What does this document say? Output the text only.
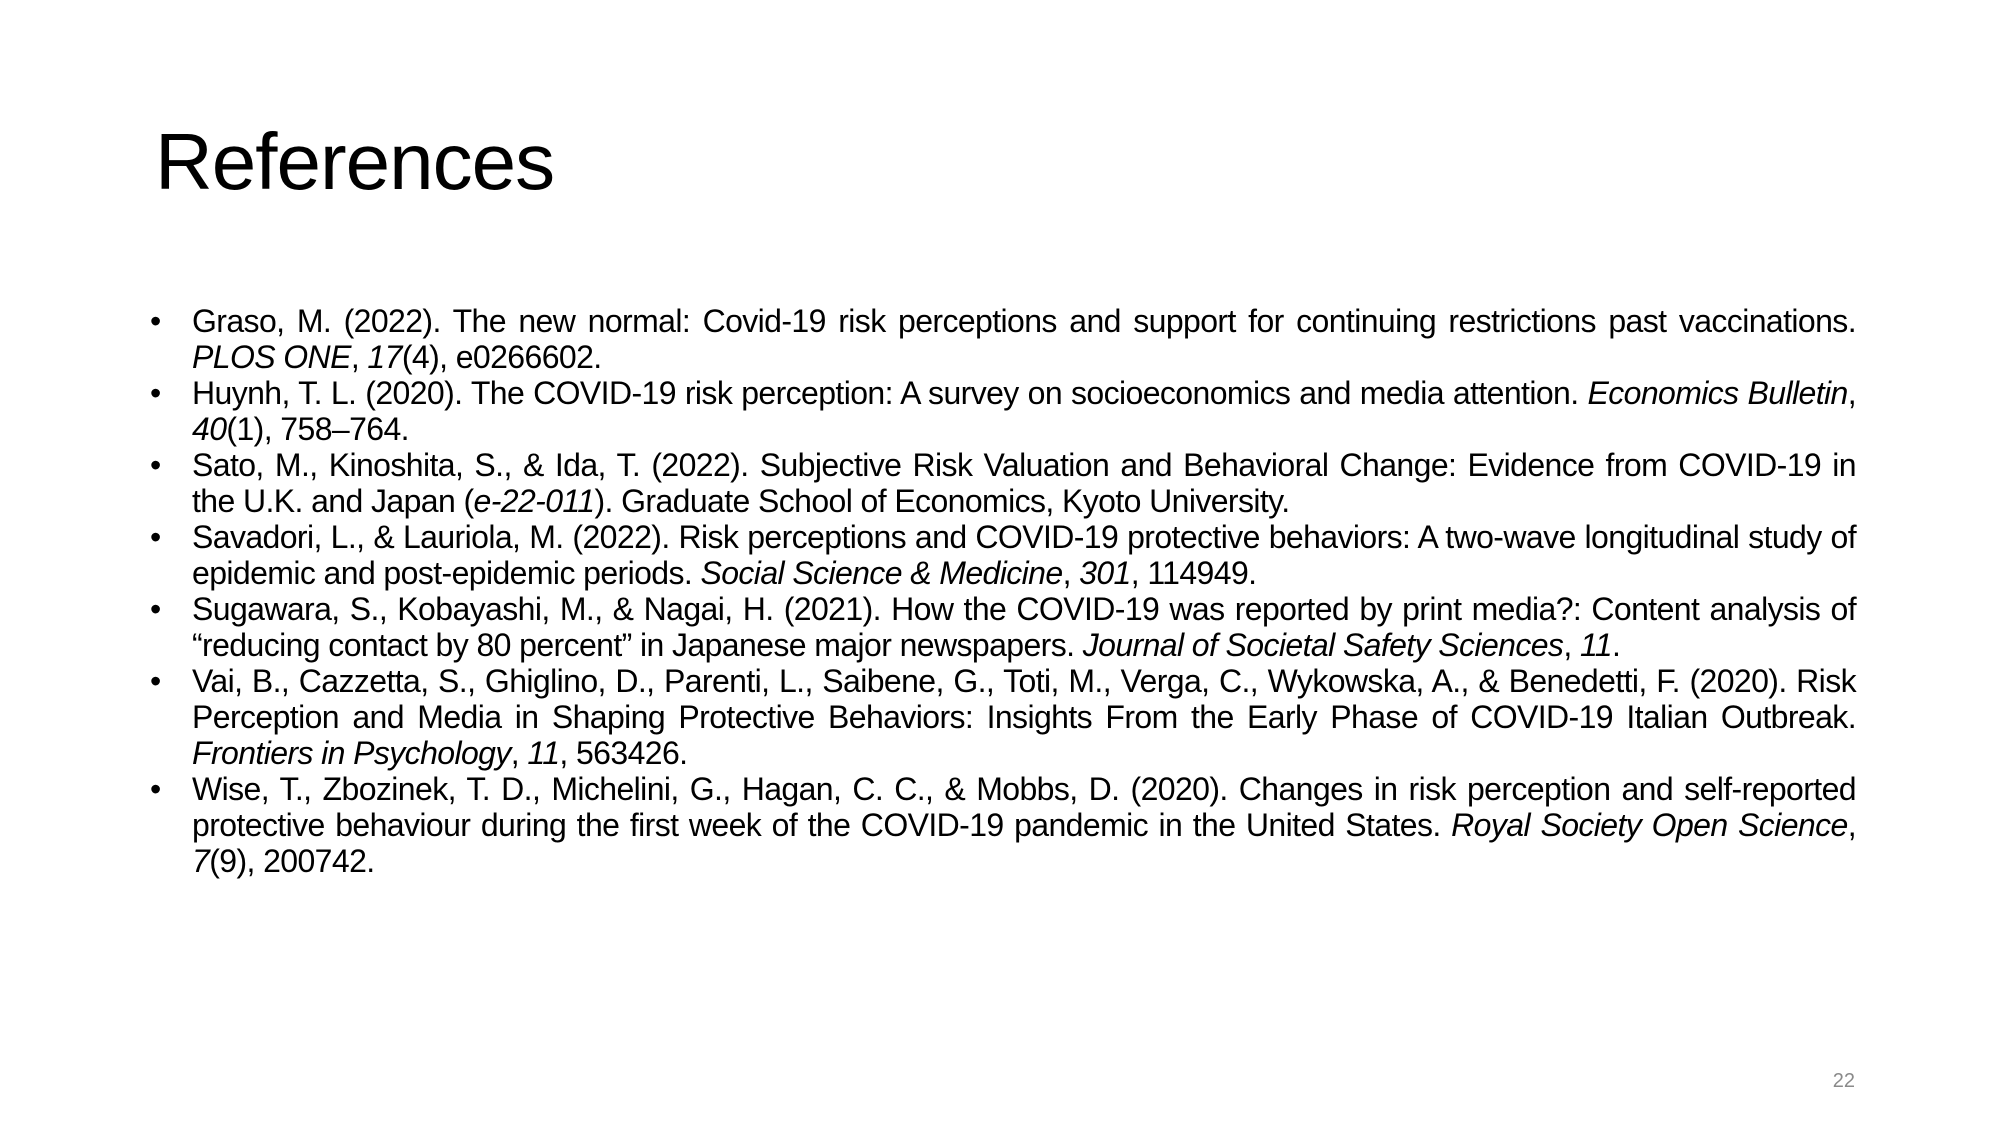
References
• Graso, M. (2022). The new normal: Covid-19 risk perceptions and support for continuing restrictions past vaccinations. PLOS ONE, 17(4), e0266602.
• Huynh, T. L. (2020). The COVID-19 risk perception: A survey on socioeconomics and media attention. Economics Bulletin, 40(1), 758–764.
• Sato, M., Kinoshita, S., & Ida, T. (2022). Subjective Risk Valuation and Behavioral Change: Evidence from COVID-19 in the U.K. and Japan (e-22-011). Graduate School of Economics, Kyoto University.
• Savadori, L., & Lauriola, M. (2022). Risk perceptions and COVID-19 protective behaviors: A two-wave longitudinal study of epidemic and post-epidemic periods. Social Science & Medicine, 301, 114949.
• Sugawara, S., Kobayashi, M., & Nagai, H. (2021). How the COVID-19 was reported by print media?: Content analysis of “reducing contact by 80 percent” in Japanese major newspapers. Journal of Societal Safety Sciences, 11.
• Vai, B., Cazzetta, S., Ghiglino, D., Parenti, L., Saibene, G., Toti, M., Verga, C., Wykowska, A., & Benedetti, F. (2020). Risk Perception and Media in Shaping Protective Behaviors: Insights From the Early Phase of COVID-19 Italian Outbreak. Frontiers in Psychology, 11, 563426.
• Wise, T., Zbozinek, T. D., Michelini, G., Hagan, C. C., & Mobbs, D. (2020). Changes in risk perception and self-reported protective behaviour during the first week of the COVID-19 pandemic in the United States. Royal Society Open Science, 7(9), 200742.
22
